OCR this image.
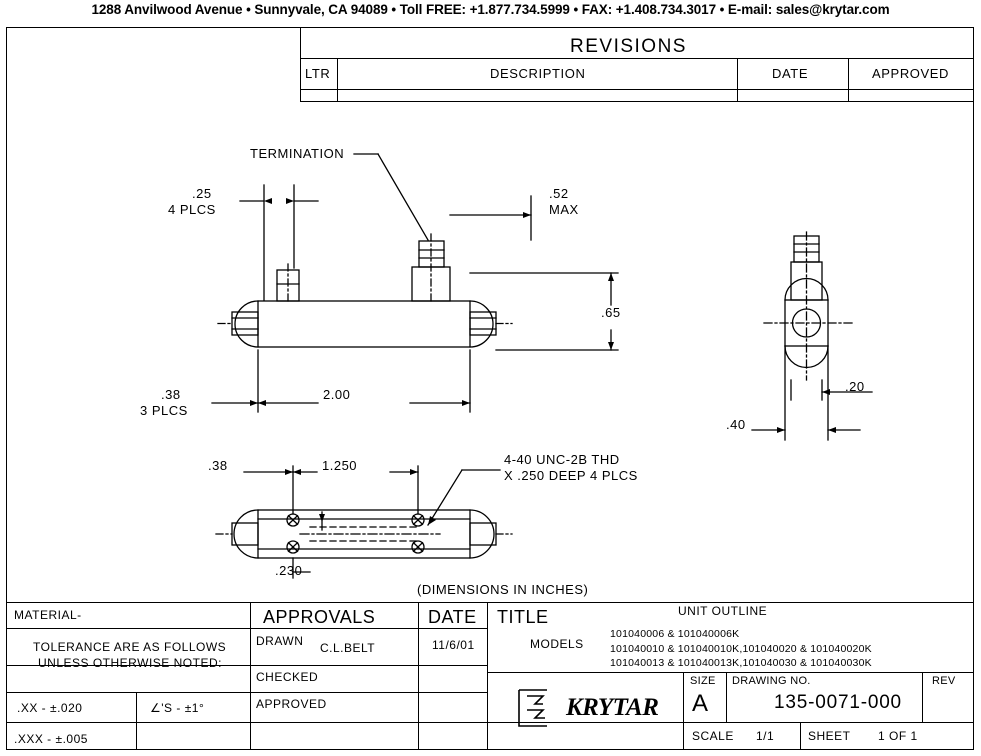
1288 Anvilwood Avenue • Sunnyvale, CA 94089 • Toll FREE: +1.877.734.5999 • FAX: +1.408.734.3017 • E-mail: sales@krytar.com
REVISIONS
LTR	DESCRIPTION	DATE	APPROVED
TERMINATION
.25
4 PLCS
.52
MAX
.65
.38
3 PLCS
2.00
.20
.40
.38	1.250
.230
4-40 UNC-2B THD
X .250 DEEP 4 PLCS
(DIMENSIONS IN INCHES)
MATERIAL-
TOLERANCE ARE AS FOLLOWS
UNLESS OTHERWISE NOTED:
.XX - ±.020	∠'S - ±1°
.XXX - ±.005
APPROVALS	DATE
DRAWN C.L.BELT	11/6/01
CHECKED
APPROVED
TITLE	UNIT OUTLINE
MODELS
101040006 & 101040006K
101040010 & 101040010K,101040020 & 101040020K
101040013 & 101040013K,101040030 & 101040030K
KRYTAR
SIZE
A
DRAWING NO.
135-0071-000
REV
SCALE 1/1	SHEET 1 OF 1
